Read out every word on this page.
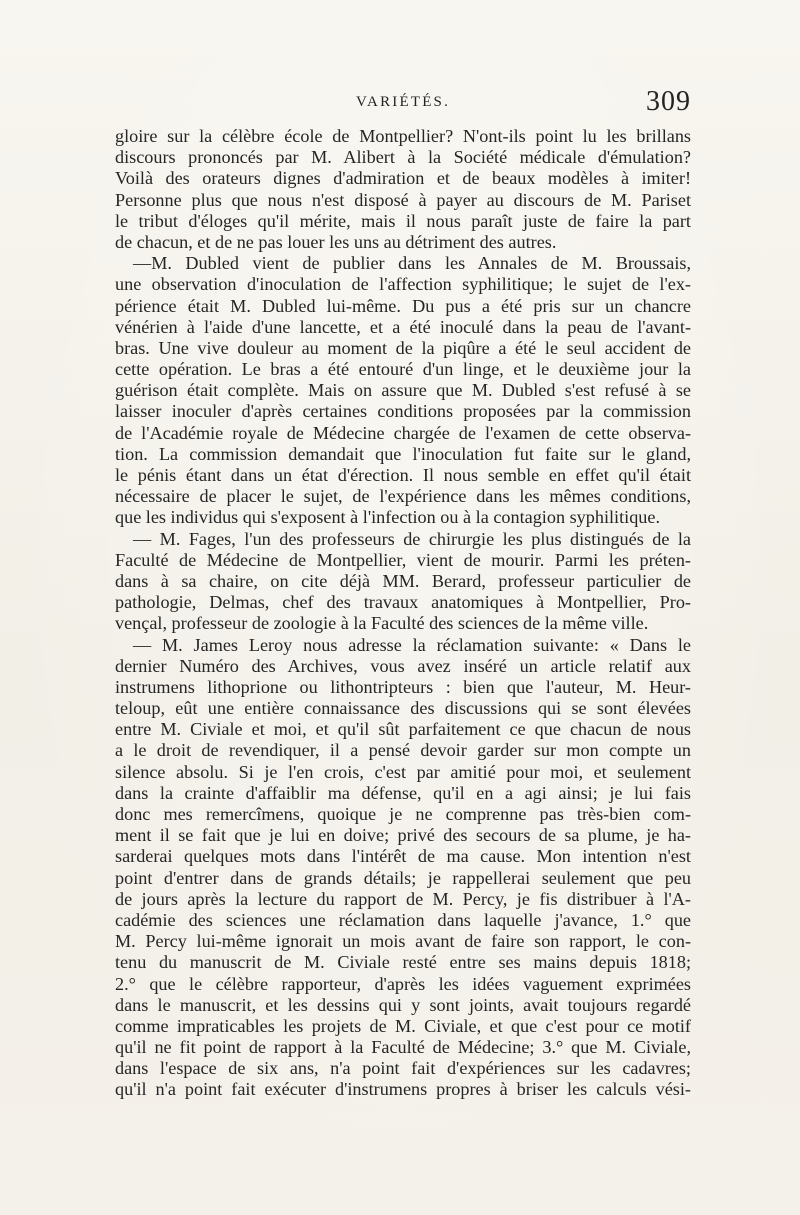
VARIÉTÉS.	309
gloire sur la célèbre école de Montpellier? N'ont-ils point lu les brillans
discours prononcés par M. Alibert à la Société médicale d'émulation?
Voilà des orateurs dignes d'admiration et de beaux modèles à imiter!
Personne plus que nous n'est disposé à payer au discours de M. Pariset
le tribut d'éloges qu'il mérite, mais il nous paraît juste de faire la part
de chacun, et de ne pas louer les uns au détriment des autres.
—M. Dubled vient de publier dans les Annales de M. Broussais,
une observation d'inoculation de l'affection syphilitique; le sujet de l'ex-
périence était M. Dubled lui-même. Du pus a été pris sur un chancre
vénérien à l'aide d'une lancette, et a été inoculé dans la peau de l'avant-
bras. Une vive douleur au moment de la piqûre a été le seul accident de
cette opération. Le bras a été entouré d'un linge, et le deuxième jour la
guérison était complète. Mais on assure que M. Dubled s'est refusé à se
laisser inoculer d'après certaines conditions proposées par la commission
de l'Académie royale de Médecine chargée de l'examen de cette observa-
tion. La commission demandait que l'inoculation fut faite sur le gland,
le pénis étant dans un état d'érection. Il nous semble en effet qu'il était
nécessaire de placer le sujet, de l'expérience dans les mêmes conditions,
que les individus qui s'exposent à l'infection ou à la contagion syphilitique.
— M. Fages, l'un des professeurs de chirurgie les plus distingués de la
Faculté de Médecine de Montpellier, vient de mourir. Parmi les préten-
dans à sa chaire, on cite déjà MM. Berard, professeur particulier de
pathologie, Delmas, chef des travaux anatomiques à Montpellier, Pro-
vençal, professeur de zoologie à la Faculté des sciences de la même ville.
— M. James Leroy nous adresse la réclamation suivante: « Dans le
dernier Numéro des Archives, vous avez inséré un article relatif aux
instrumens lithoprione ou lithontripteurs : bien que l'auteur, M. Heur-
teloup, eût une entière connaissance des discussions qui se sont élevées
entre M. Civiale et moi, et qu'il sût parfaitement ce que chacun de nous
a le droit de revendiquer, il a pensé devoir garder sur mon compte un
silence absolu. Si je l'en crois, c'est par amitié pour moi, et seulement
dans la crainte d'affaiblir ma défense, qu'il en a agi ainsi; je lui fais
donc mes remercîmens, quoique je ne comprenne pas très-bien com-
ment il se fait que je lui en doive; privé des secours de sa plume, je ha-
sarderai quelques mots dans l'intérêt de ma cause. Mon intention n'est
point d'entrer dans de grands détails; je rappellerai seulement que peu
de jours après la lecture du rapport de M. Percy, je fis distribuer à l'A-
cadémie des sciences une réclamation dans laquelle j'avance, 1.° que
M. Percy lui-même ignorait un mois avant de faire son rapport, le con-
tenu du manuscrit de M. Civiale resté entre ses mains depuis 1818;
2.° que le célèbre rapporteur, d'après les idées vaguement exprimées
dans le manuscrit, et les dessins qui y sont joints, avait toujours regardé
comme impraticables les projets de M. Civiale, et que c'est pour ce motif
qu'il ne fit point de rapport à la Faculté de Médecine; 3.° que M. Civiale,
dans l'espace de six ans, n'a point fait d'expériences sur les cadavres;
qu'il n'a point fait exécuter d'instrumens propres à briser les calculs vési-
